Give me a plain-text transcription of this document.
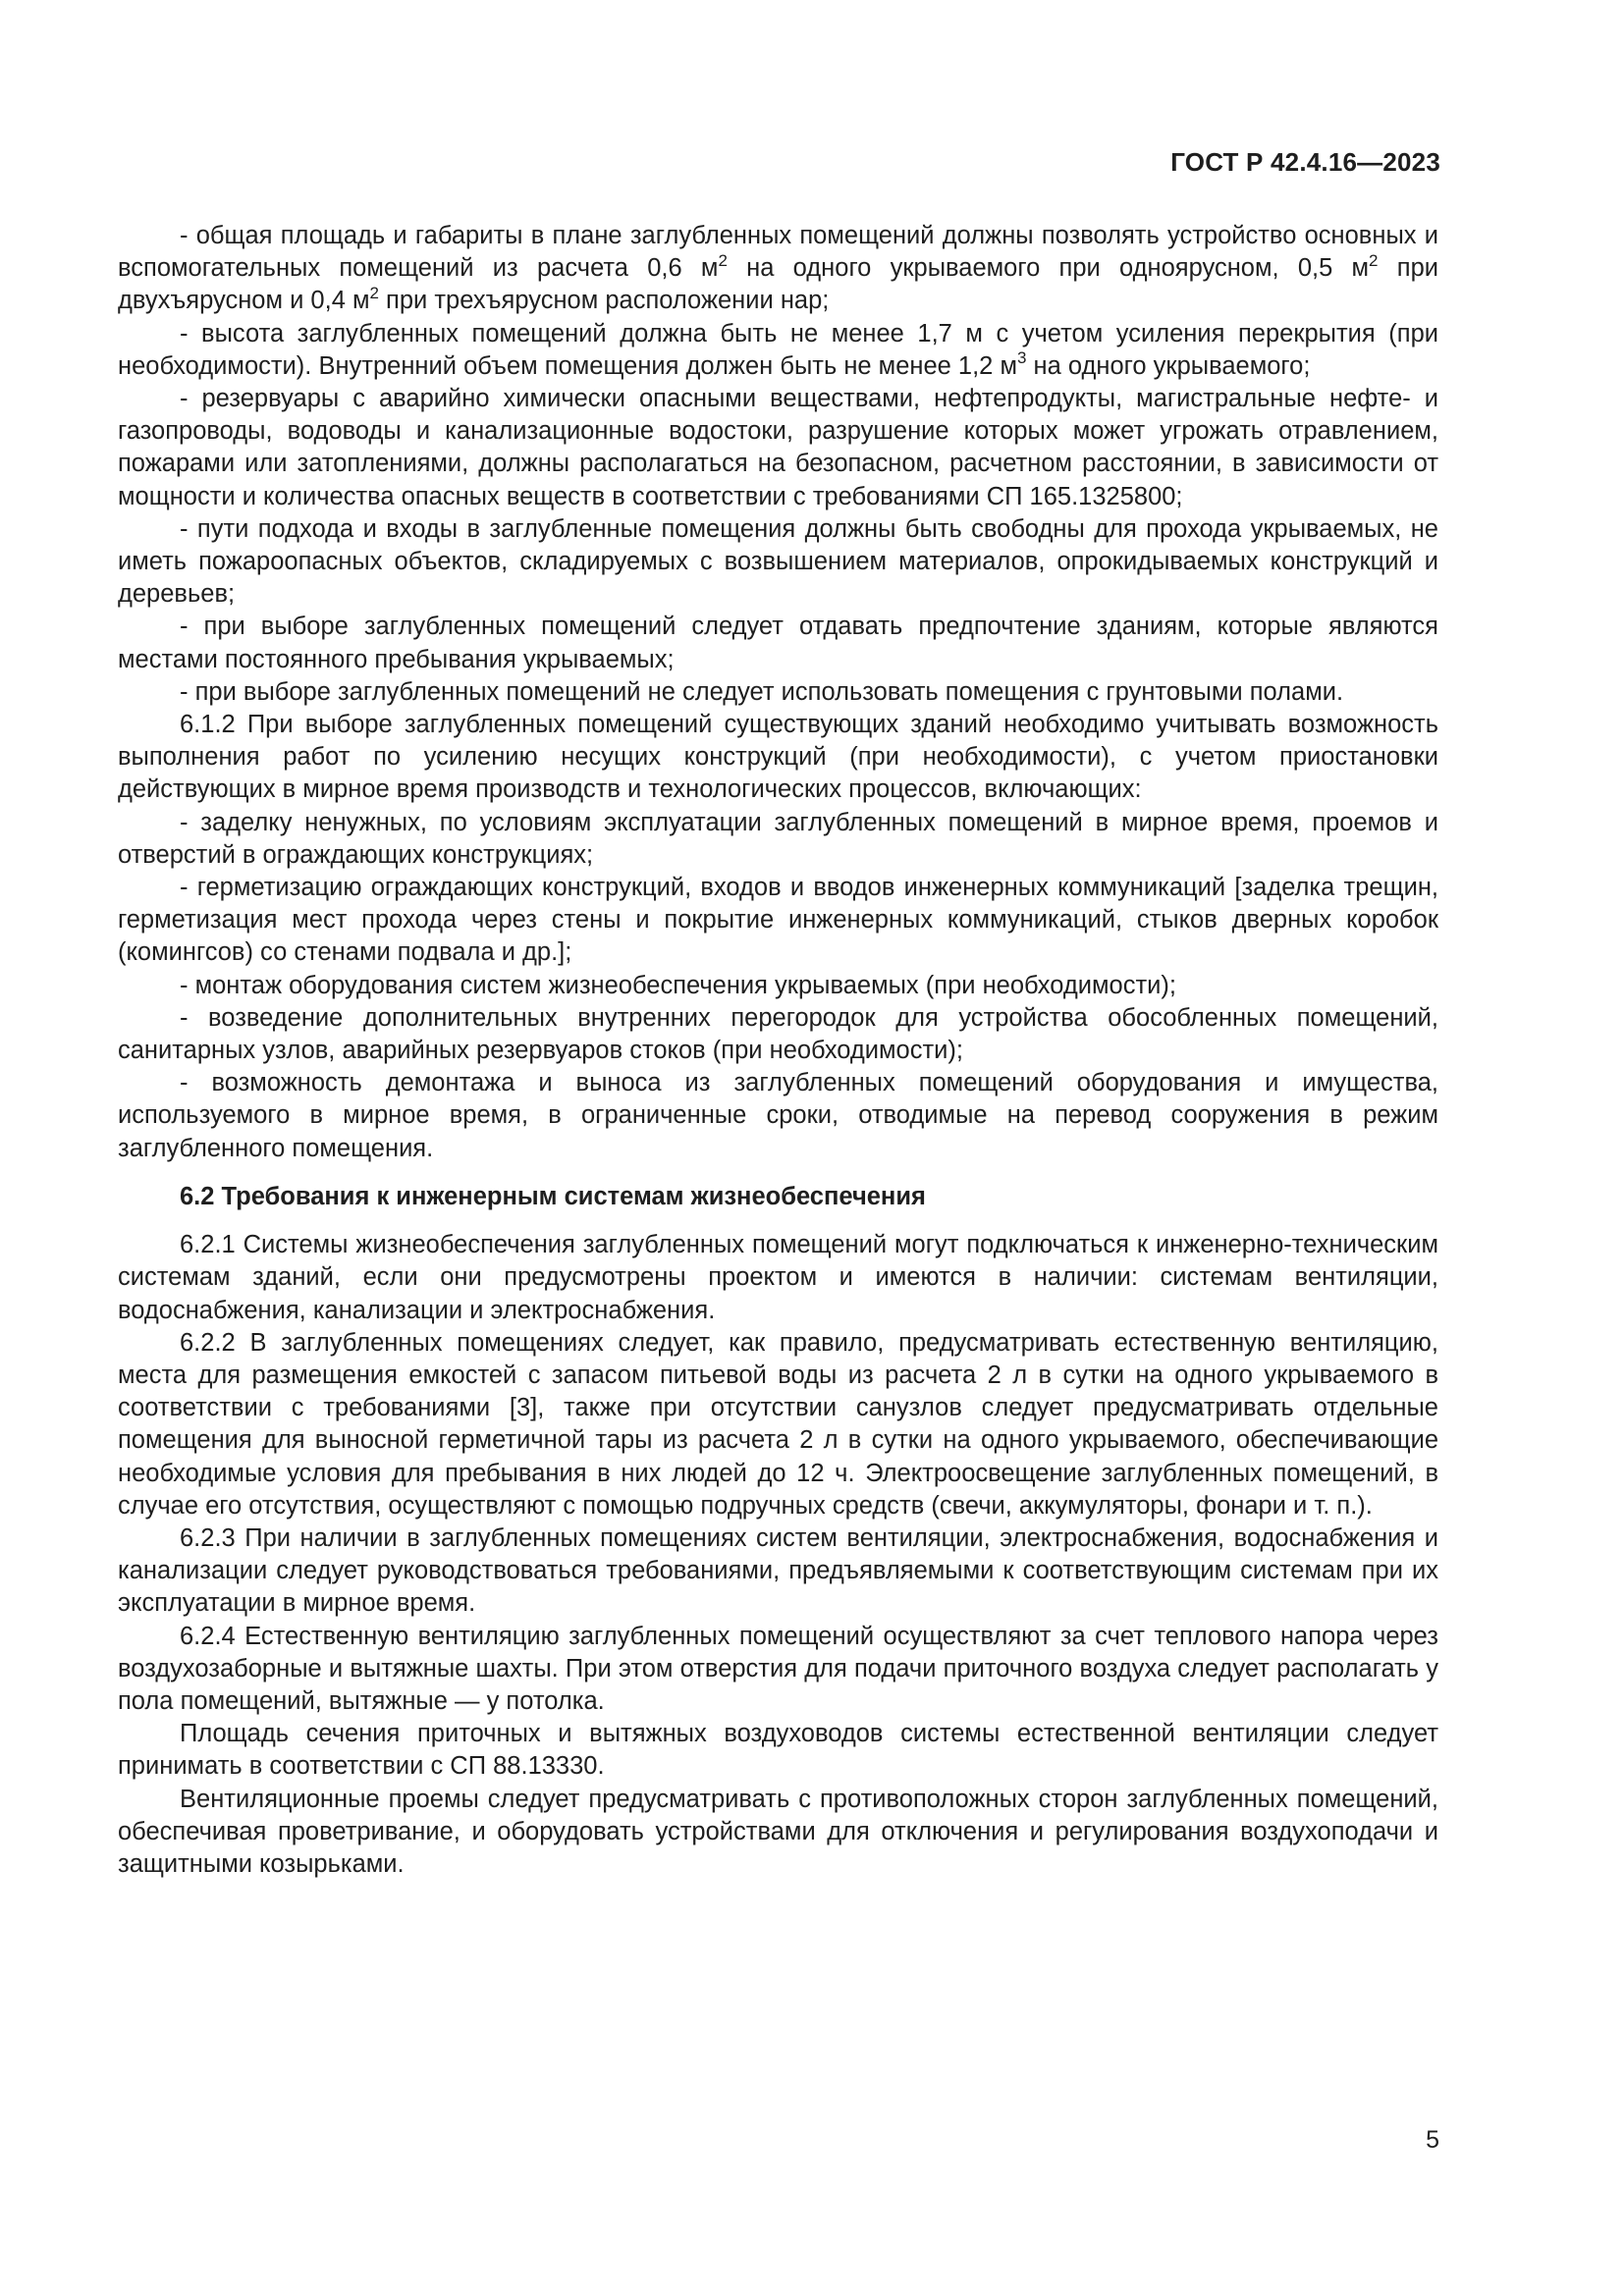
ГОСТ Р 42.4.16—2023

- общая площадь и габариты в плане заглубленных помещений должны позволять устройство основных и вспомогательных помещений из расчета 0,6 $м^2$ на одного укрываемого при одноярусном, 0,5 $м^2$ при двухъярусном и 0,4 $м^2$ при трехъярусном расположении нар;

- высота заглубленных помещений должна быть не менее 1,7 м с учетом усиления перекрытия (при необходимости). Внутренний объем помещения должен быть не менее 1,2 $м^3$ на одного укрываемого;

- резервуары с аварийно химически опасными веществами, нефтепродукты, магистральные нефте- и газопроводы, водоводы и канализационные водостоки, разрушение которых может угрожать отравлением, пожарами или затоплениями, должны располагаться на безопасном, расчетном расстоянии, в зависимости от мощности и количества опасных веществ в соответствии с требованиями СП 165.1325800;

- пути подхода и входы в заглубленные помещения должны быть свободны для прохода укрываемых, не иметь пожароопасных объектов, складируемых с возвышением материалов, опрокидываемых конструкций и деревьев;

- при выборе заглубленных помещений следует отдавать предпочтение зданиям, которые являются местами постоянного пребывания укрываемых;

- при выборе заглубленных помещений не следует использовать помещения с грунтовыми полами.

6.1.2 При выборе заглубленных помещений существующих зданий необходимо учитывать возможность выполнения работ по усилению несущих конструкций (при необходимости), с учетом приостановки действующих в мирное время производств и технологических процессов, включающих:

- заделку ненужных, по условиям эксплуатации заглубленных помещений в мирное время, проемов и отверстий в ограждающих конструкциях;

- герметизацию ограждающих конструкций, входов и вводов инженерных коммуникаций [заделка трещин, герметизация мест прохода через стены и покрытие инженерных коммуникаций, стыков дверных коробок (комингсов) со стенами подвала и др.];

- монтаж оборудования систем жизнеобеспечения укрываемых (при необходимости);

- возведение дополнительных внутренних перегородок для устройства обособленных помещений, санитарных узлов, аварийных резервуаров стоков (при необходимости);

- возможность демонтажа и выноса из заглубленных помещений оборудования и имущества, используемого в мирное время, в ограниченные сроки, отводимые на перевод сооружения в режим заглубленного помещения.

6.2 Требования к инженерным системам жизнеобеспечения

6.2.1 Системы жизнеобеспечения заглубленных помещений могут подключаться к инженерно-техническим системам зданий, если они предусмотрены проектом и имеются в наличии: системам вентиляции, водоснабжения, канализации и электроснабжения.

6.2.2 В заглубленных помещениях следует, как правило, предусматривать естественную вентиляцию, места для размещения емкостей с запасом питьевой воды из расчета 2 л в сутки на одного укрываемого в соответствии с требованиями [3], также при отсутствии санузлов следует предусматривать отдельные помещения для выносной герметичной тары из расчета 2 л в сутки на одного укрываемого, обеспечивающие необходимые условия для пребывания в них людей до 12 ч. Электроосвещение заглубленных помещений, в случае его отсутствия, осуществляют с помощью подручных средств (свечи, аккумуляторы, фонари и т. п.).

6.2.3 При наличии в заглубленных помещениях систем вентиляции, электроснабжения, водоснабжения и канализации следует руководствоваться требованиями, предъявляемыми к соответствующим системам при их эксплуатации в мирное время.

6.2.4 Естественную вентиляцию заглубленных помещений осуществляют за счет теплового напора через воздухозаборные и вытяжные шахты. При этом отверстия для подачи приточного воздуха следует располагать у пола помещений, вытяжные — у потолка.

Площадь сечения приточных и вытяжных воздуховодов системы естественной вентиляции следует принимать в соответствии с СП 88.13330.

Вентиляционные проемы следует предусматривать с противоположных сторон заглубленных помещений, обеспечивая проветривание, и оборудовать устройствами для отключения и регулирования воздухоподачи и защитными козырьками.

5
